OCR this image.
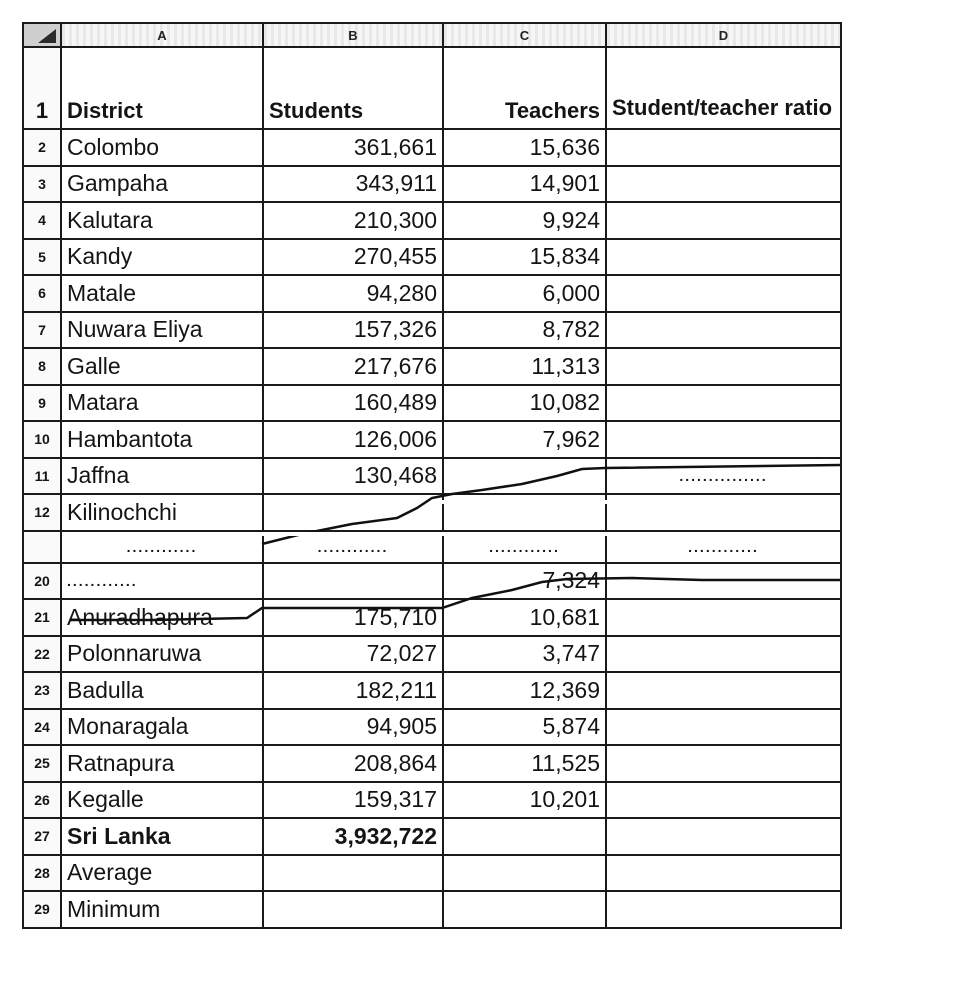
	A	B	C	D
1	District	Students	Teachers	Student/teacher ratio
2	Colombo	361,661	15,636	
3	Gampaha	343,911	14,901	
4	Kalutara	210,300	9,924	
5	Kandy	270,455	15,834	
6	Matale	94,280	6,000	
7	Nuwara Eliya	157,326	8,782	
8	Galle	217,676	11,313	
9	Matara	160,489	10,082	
10	Hambantota	126,006	7,962	
11	Jaffna	130,468		...............
12	Kilinochchi			
	............	............	............	............
20	............		7,324	
21	Anuradhapura	175,710	10,681	
22	Polonnaruwa	72,027	3,747	
23	Badulla	182,211	12,369	
24	Monaragala	94,905	5,874	
25	Ratnapura	208,864	11,525	
26	Kegalle	159,317	10,201	
27	Sri Lanka	3,932,722		
28	Average			
29	Minimum			
